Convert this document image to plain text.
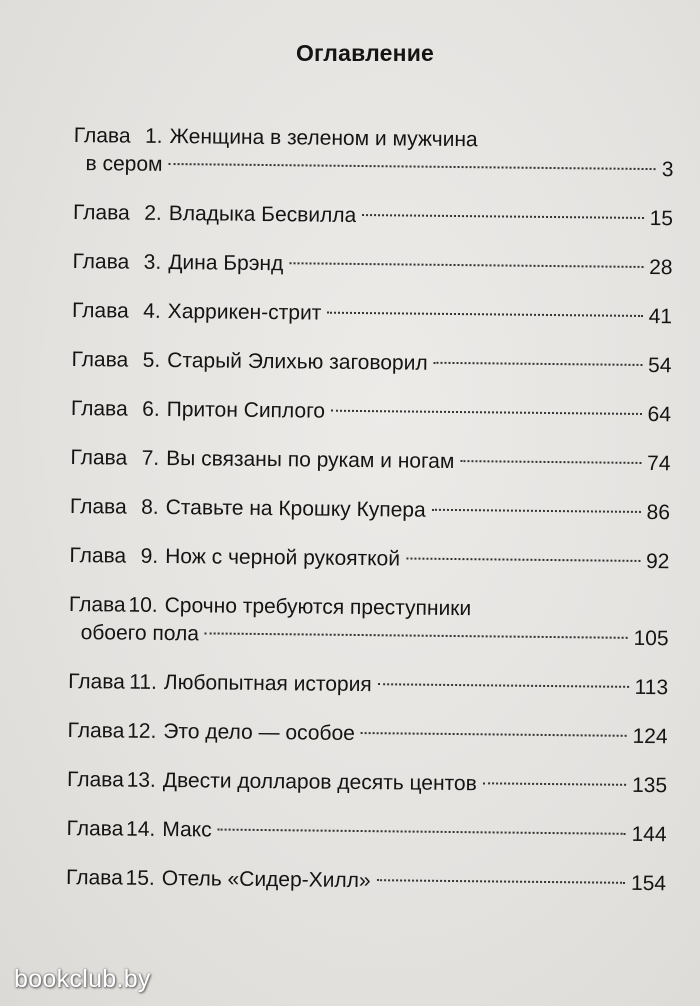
Оглавление
Глава 1. Женщина в зеленом и мужчина
в сером	3
Глава 2. Владыка Бесвилла	15
Глава 3. Дина Брэнд	28
Глава 4. Харрикен-стрит	41
Глава 5. Старый Элихью заговорил	54
Глава 6. Притон Сиплого	64
Глава 7. Вы связаны по рукам и ногам	74
Глава 8. Ставьте на Крошку Купера	86
Глава 9. Нож с черной рукояткой	92
Глава 10. Срочно требуются преступники
обоего пола	105
Глава 11. Любопытная история	113
Глава 12. Это дело — особое	124
Глава 13. Двести долларов десять центов	135
Глава 14. Макс	144
Глава 15. Отель «Сидер-Хилл»	154
bookclub.by
